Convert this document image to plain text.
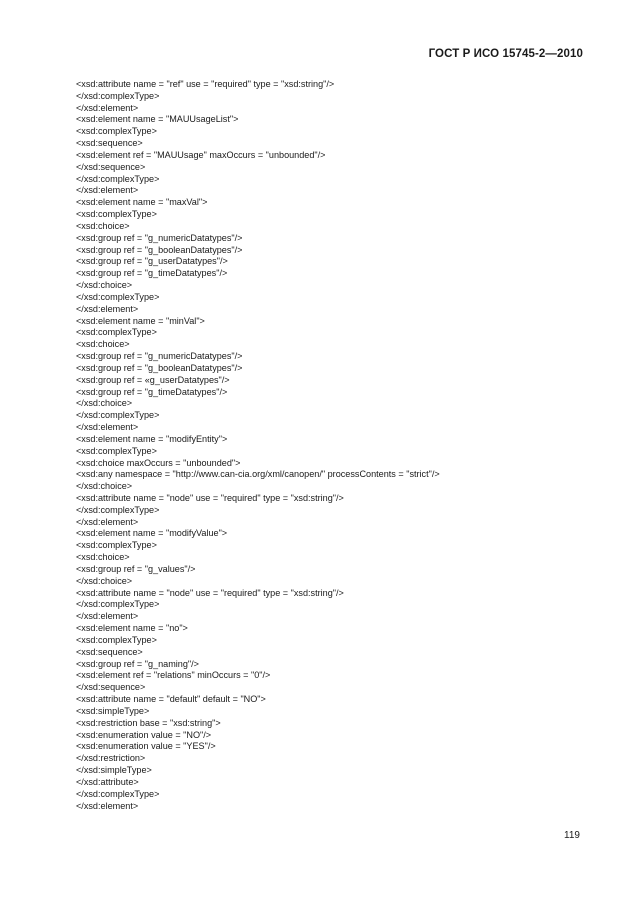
ГОСТ Р ИСО 15745-2—2010
<xsd:attribute name = "ref" use = "required" type = "xsd:string"/>
</xsd:complexType>
</xsd:element>
<xsd:element name = "MAUUsageList">
<xsd:complexType>
<xsd:sequence>
<xsd:element ref = "MAUUsage" maxOccurs = "unbounded"/>
</xsd:sequence>
</xsd:complexType>
</xsd:element>
<xsd:element name = "maxVal">
<xsd:complexType>
<xsd:choice>
<xsd:group ref = "g_numericDatatypes"/>
<xsd:group ref = "g_booleanDatatypes"/>
<xsd:group ref = "g_userDatatypes"/>
<xsd:group ref = "g_timeDatatypes"/>
</xsd:choice>
</xsd:complexType>
</xsd:element>
<xsd:element name = "minVal">
<xsd:complexType>
<xsd:choice>
<xsd:group ref = "g_numericDatatypes"/>
<xsd:group ref = "g_booleanDatatypes"/>
<xsd:group ref = «g_userDatatypes"/>
<xsd:group ref = "g_timeDatatypes"/>
</xsd:choice>
</xsd:complexType>
</xsd:element>
<xsd:element name = "modifyEntity">
<xsd:complexType>
<xsd:choice maxOccurs = "unbounded">
<xsd:any namespace = "http://www.can-cia.org/xml/canopen/" processContents = "strict"/>
</xsd:choice>
<xsd:attribute name = "node" use = "required" type = "xsd:string"/>
</xsd:complexType>
</xsd:element>
<xsd:element name = "modifyValue">
<xsd:complexType>
<xsd:choice>
<xsd:group ref = "g_values"/>
</xsd:choice>
<xsd:attribute name = "node" use = "required" type = "xsd:string"/>
</xsd:complexType>
</xsd:element>
<xsd:element name = "no">
<xsd:complexType>
<xsd:sequence>
<xsd:group ref = "g_naming"/>
<xsd:element ref = "relations" minOccurs = "0"/>
</xsd:sequence>
<xsd:attribute name = "default" default = "NO">
<xsd:simpleType>
<xsd:restriction base = "xsd:string">
<xsd:enumeration value = "NO"/>
<xsd:enumeration value = "YES"/>
</xsd:restriction>
</xsd:simpleType>
</xsd:attribute>
</xsd:complexType>
</xsd:element>
119
